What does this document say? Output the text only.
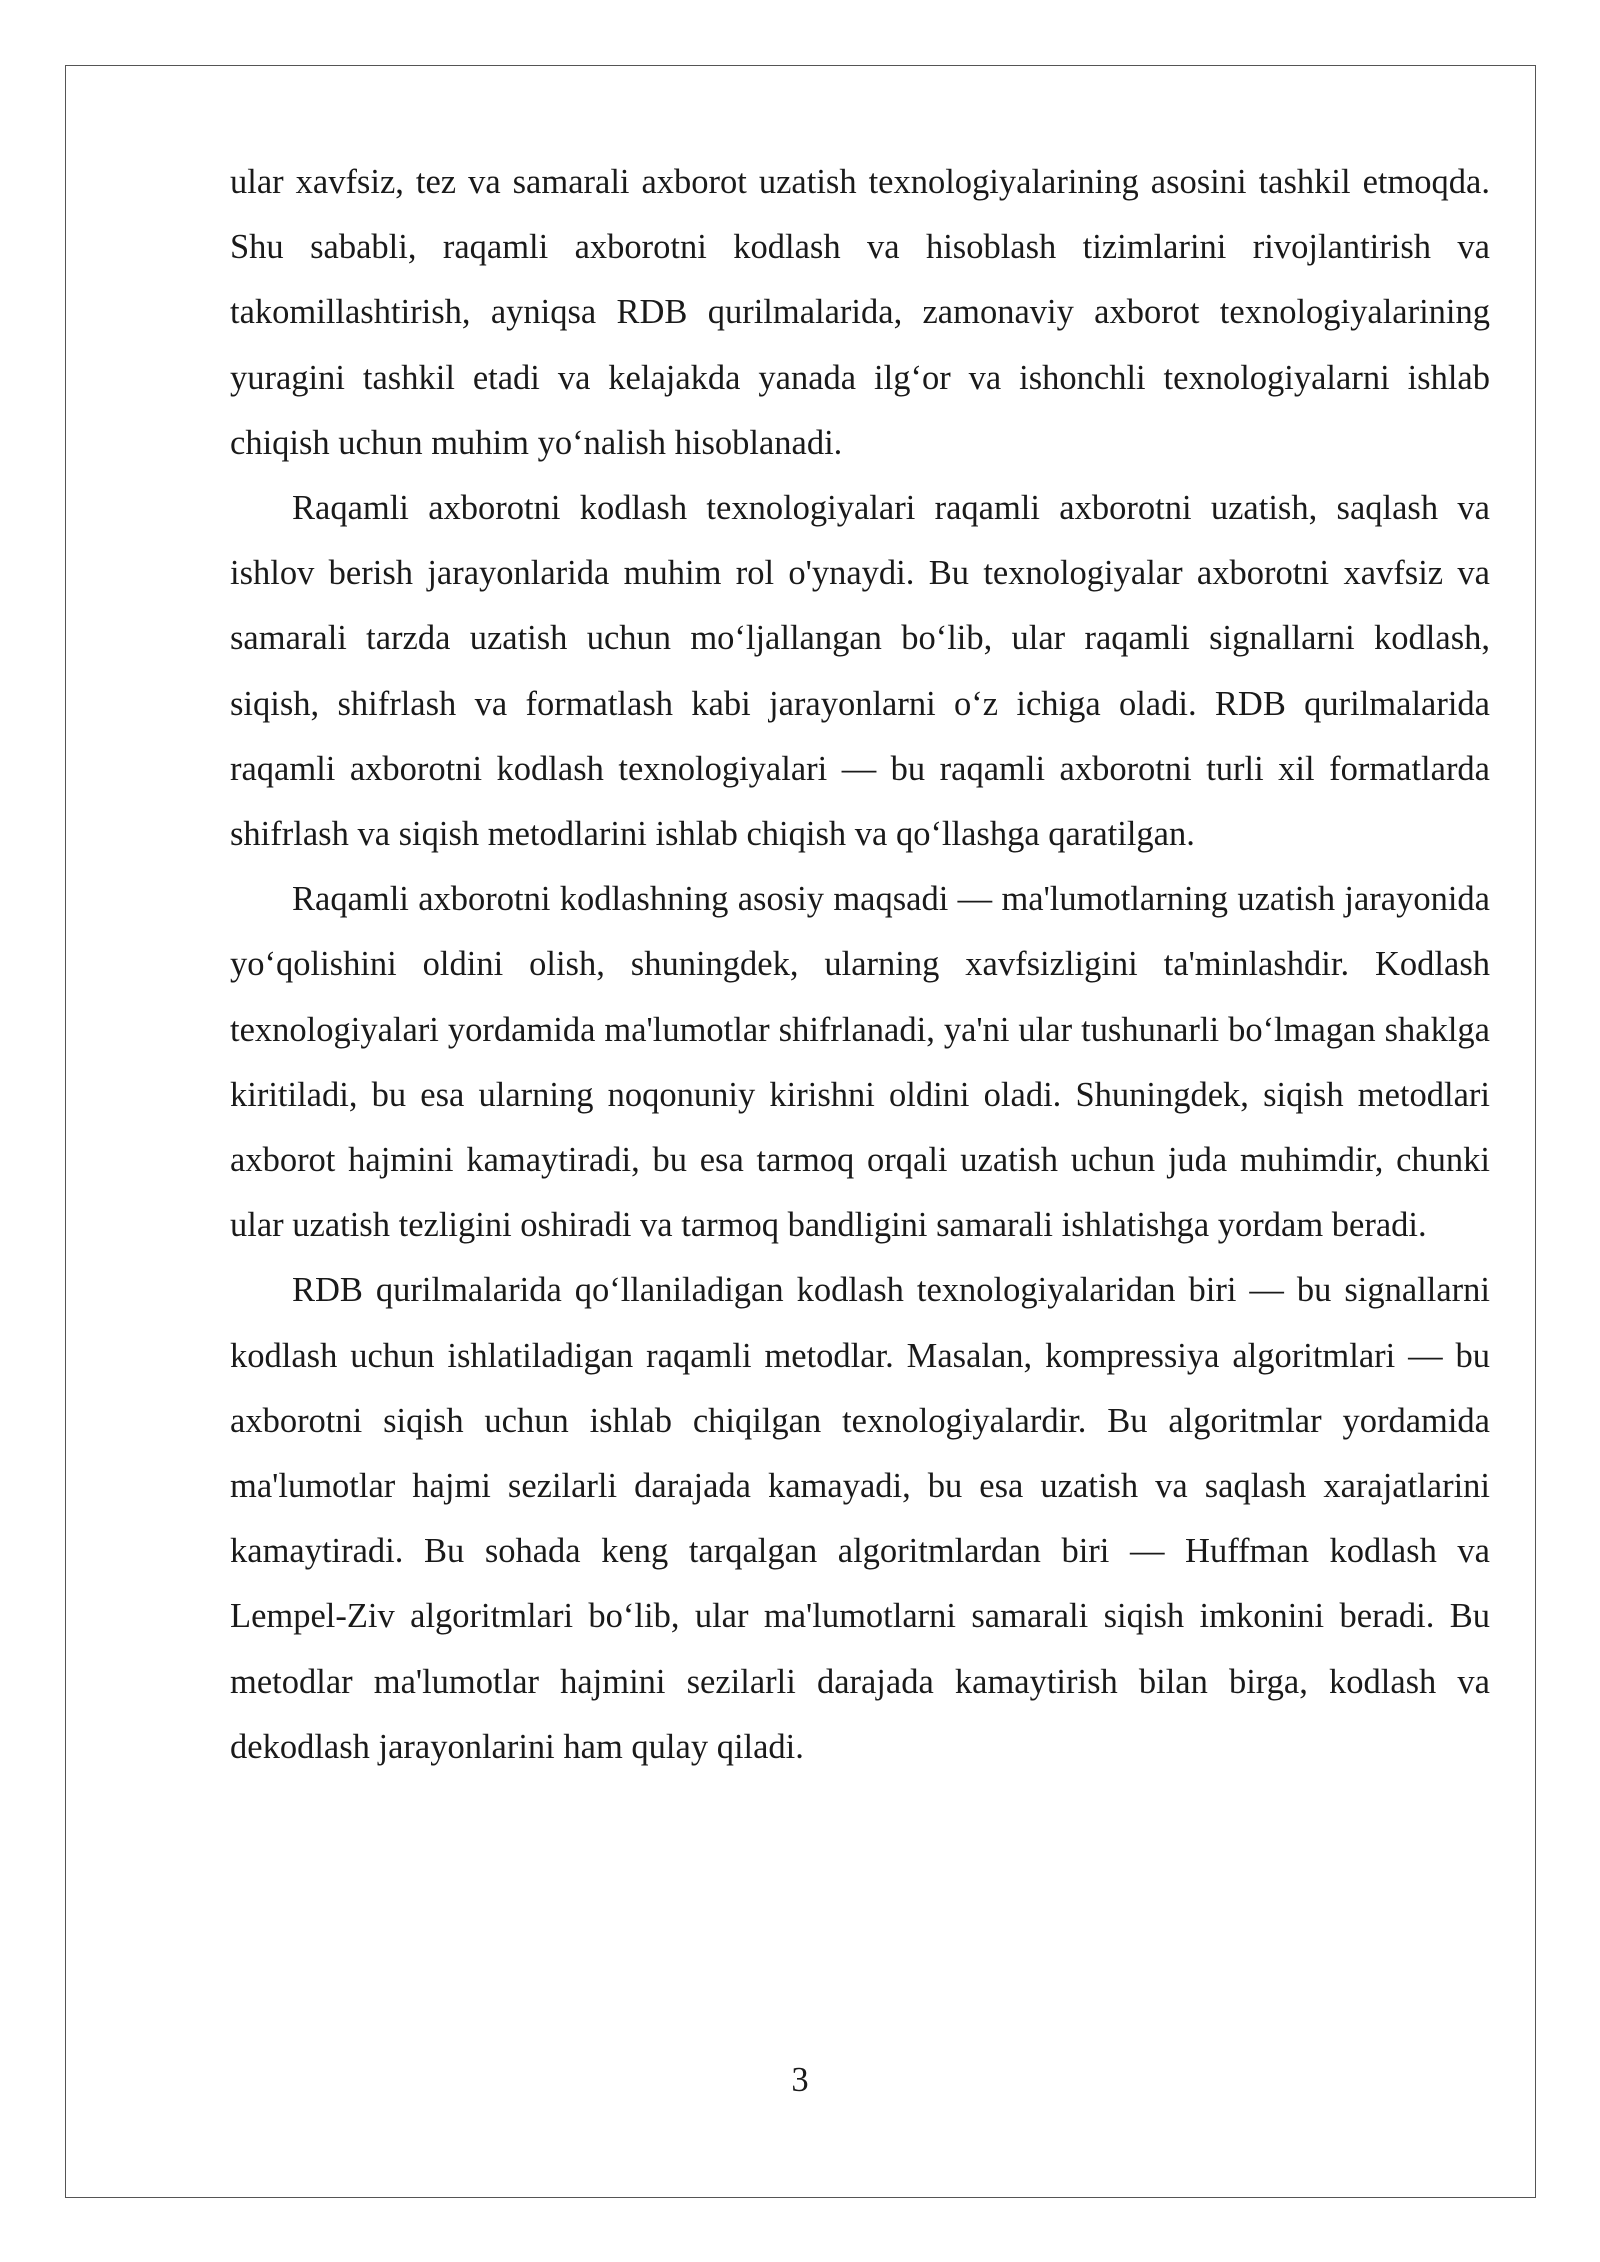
ular xavfsiz, tez va samarali axborot uzatish texnologiyalarining asosini tashkil etmoqda. Shu sababli, raqamli axborotni kodlash va hisoblash tizimlarini rivojlantirish va takomillashtirish, ayniqsa RDB qurilmalarida, zamonaviy axborot texnologiyalarining yuragini tashkil etadi va kelajakda yanada ilg‘or va ishonchli texnologiyalarni ishlab chiqish uchun muhim yo‘nalish hisoblanadi.

Raqamli axborotni kodlash texnologiyalari raqamli axborotni uzatish, saqlash va ishlov berish jarayonlarida muhim rol o'ynaydi. Bu texnologiyalar axborotni xavfsiz va samarali tarzda uzatish uchun mo‘ljallangan bo‘lib, ular raqamli signallarni kodlash, siqish, shifrlash va formatlash kabi jarayonlarni o‘z ichiga oladi. RDB qurilmalarida raqamli axborotni kodlash texnologiyalari — bu raqamli axborotni turli xil formatlarda shifrlash va siqish metodlarini ishlab chiqish va qo‘llashga qaratilgan.

Raqamli axborotni kodlashning asosiy maqsadi — ma'lumotlarning uzatish jarayonida yo‘qolishini oldini olish, shuningdek, ularning xavfsizligini ta'minlashdir. Kodlash texnologiyalari yordamida ma'lumotlar shifrlanadi, ya'ni ular tushunarli bo‘lmagan shaklga kiritiladi, bu esa ularning noqonuniy kirishni oldini oladi. Shuningdek, siqish metodlari axborot hajmini kamaytiradi, bu esa tarmoq orqali uzatish uchun juda muhimdir, chunki ular uzatish tezligini oshiradi va tarmoq bandligini samarali ishlatishga yordam beradi.

RDB qurilmalarida qo‘llaniladigan kodlash texnologiyalaridan biri — bu signallarni kodlash uchun ishlatiladigan raqamli metodlar. Masalan, kompressiya algoritmlari — bu axborotni siqish uchun ishlab chiqilgan texnologiyalardir. Bu algoritmlar yordamida ma'lumotlar hajmi sezilarli darajada kamayadi, bu esa uzatish va saqlash xarajatlarini kamaytiradi. Bu sohada keng tarqalgan algoritmlardan biri — Huffman kodlash va Lempel-Ziv algoritmlari bo‘lib, ular ma'lumotlarni samarali siqish imkonini beradi. Bu metodlar ma'lumotlar hajmini sezilarli darajada kamaytirish bilan birga, kodlash va dekodlash jarayonlarini ham qulay qiladi.

3
